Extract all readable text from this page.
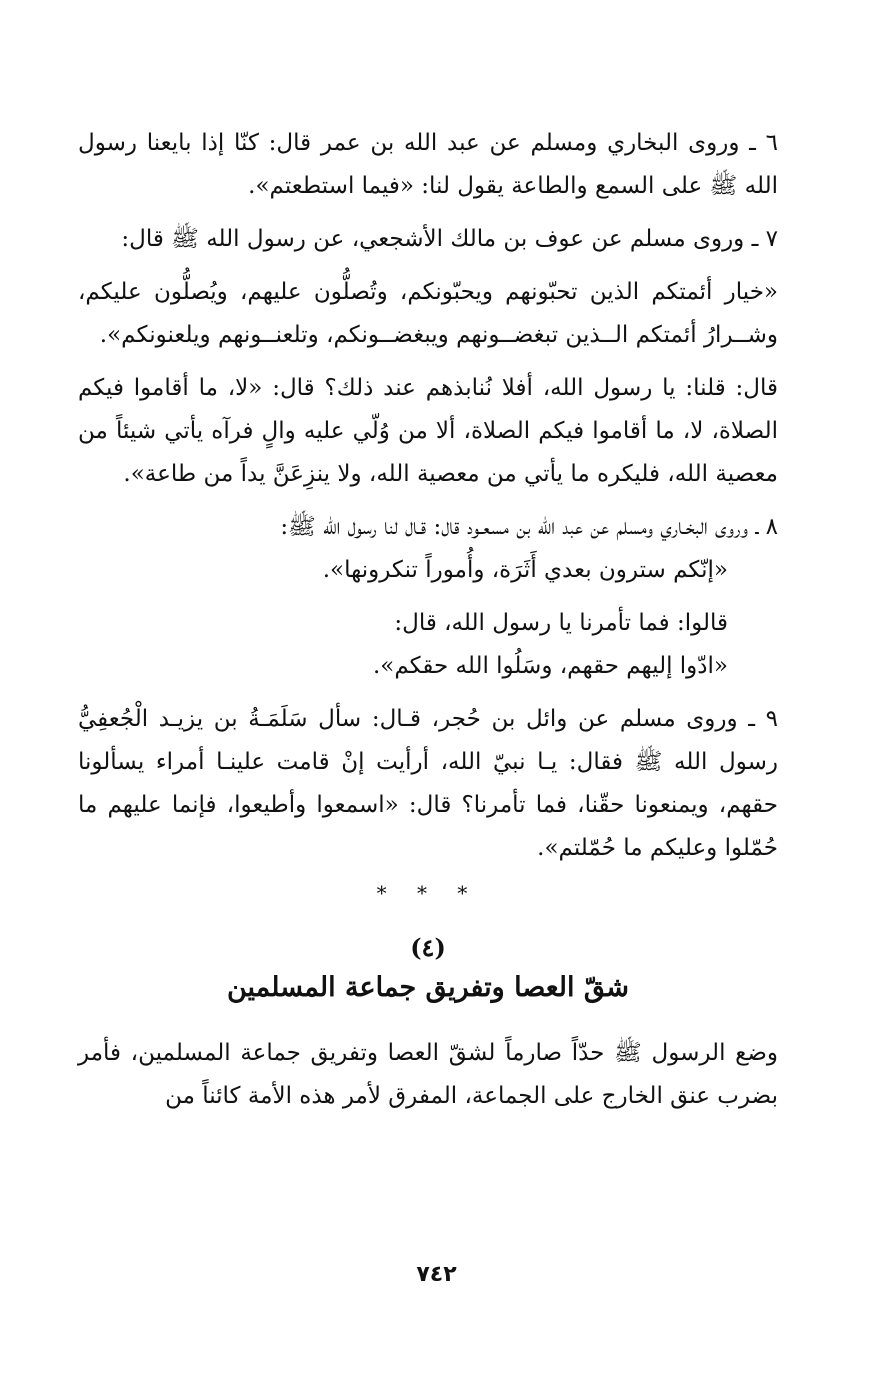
٦ ـ وروى البخاري ومسلم عن عبد الله بن عمر قال: كنّا إذا بايعنا رسول الله ﷺ على السمع والطاعة يقول لنا: «فيما استطعتم».

٧ ـ وروى مسلم عن عوف بن مالك الأشجعي، عن رسول الله ﷺ قال:

«خيار أئمتكم الذين تحبّونهم ويحبّونكم، وتُصلُّون عليهم، ويُصلُّون عليكم، وشــرارُ أئمتكم الــذين تبغضــونهم ويبغضــونكم، وتلعنــونهم ويلعنونكم».

قال: قلنا: يا رسول الله، أفلا نُنابذهم عند ذلك؟ قال: «لا، ما أقاموا فيكم الصلاة، لا، ما أقاموا فيكم الصلاة، ألا من وُلّي عليه والٍ فرآه يأتي شيئاً من معصية الله، فليكره ما يأتي من معصية الله، ولا ينزِعَنَّ يداً من طاعة».

٨ ـ وروى البخـاري ومسلم عن عبد الله بن مسعـود قال: قـال لنا رسول الله ﷺ:

«إنّكم سترون بعدي أَثَرَة، وأُموراً تنكرونها».

قالوا: فما تأمرنا يا رسول الله، قال:

«ادّوا إليهم حقهم، وسَلُوا الله حقكم».

٩ ـ وروى مسلم عن وائل بن حُجر، قـال: سأل سَلَمَـةُ بن يزيـد الْجُعفِيُّ رسول الله ﷺ فقال: يـا نبيّ الله، أرأيت إنْ قامت علينـا أمراء يسألونا حقهم، ويمنعونا حقّنا، فما تأمرنا؟ قال: «اسمعوا وأطيعوا، فإنما عليهم ما حُمّلوا وعليكم ما حُمّلتم».

* * *
(٤)
شقّ العصا وتفريق جماعة المسلمين

وضع الرسول ﷺ حدّاً صارماً لشقّ العصا وتفريق جماعة المسلمين، فأمر بضرب عنق الخارج على الجماعة، المفرق لأمر هذه الأمة كائناً من

٧٤٢
